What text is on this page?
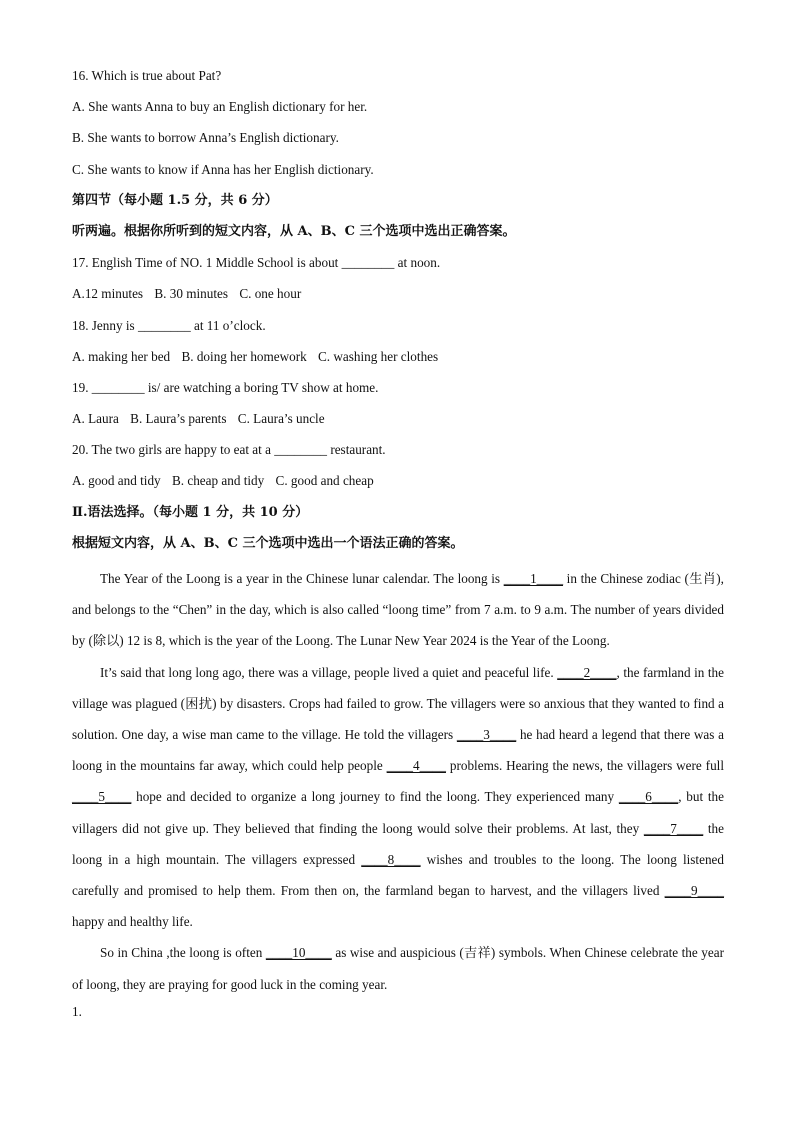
16. Which is true about Pat?
A. She wants Anna to buy an English dictionary for her.
B. She wants to borrow Anna’s English dictionary.
C. She wants to know if Anna has her English dictionary.
第四节（每小题 1.5 分，共 6 分）
听两遍。根据你所听到的短文内容，从 A、B、C 三个选项中选出正确答案。
17. English Time of NO. 1 Middle School is about ________ at noon.
A.12 minutes B. 30 minutes C. one hour
18. Jenny is ________ at 11 o’clock.
A. making her bed B. doing her homework C. washing her clothes
19. ________ is/ are watching a boring TV show at home.
A. Laura B. Laura’s parents C. Laura’s uncle
20. The two girls are happy to eat at a ________ restaurant.
A. good and tidy B. cheap and tidy C. good and cheap
Ⅱ.语法选择。（每小题 1 分，共 10 分）
根据短文内容，从 A、B、C 三个选项中选出一个语法正确的答案。

The Year of the Loong is a year in the Chinese lunar calendar. The loong is ____1____ in the Chinese zodiac (生肖), and belongs to the “Chen” in the day, which is also called “loong time” from 7 a.m. to 9 a.m. The number of years divided by (除以) 12 is 8, which is the year of the Loong. The Lunar New Year 2024 is the Year of the Loong.

It’s said that long long ago, there was a village, people lived a quiet and peaceful life. ____2____, the farmland in the village was plagued (困扰) by disasters. Crops had failed to grow. The villagers were so anxious that they wanted to find a solution. One day, a wise man came to the village. He told the villagers ____3____ he had heard a legend that there was a loong in the mountains far away, which could help people ____4____ problems. Hearing the news, the villagers were full ____5____ hope and decided to organize a long journey to find the loong. They experienced many ____6____, but the villagers did not give up. They believed that finding the loong would solve their problems. At last, they ____7____ the loong in a high mountain. The villagers expressed ____8____ wishes and troubles to the loong. The loong listened carefully and promised to help them. From then on, the farmland began to harvest, and the villagers lived ____9____ happy and healthy life.

So in China ,the loong is often ____10____ as wise and auspicious (吉祥) symbols. When Chinese celebrate the year of loong, they are praying for good luck in the coming year.

1.
